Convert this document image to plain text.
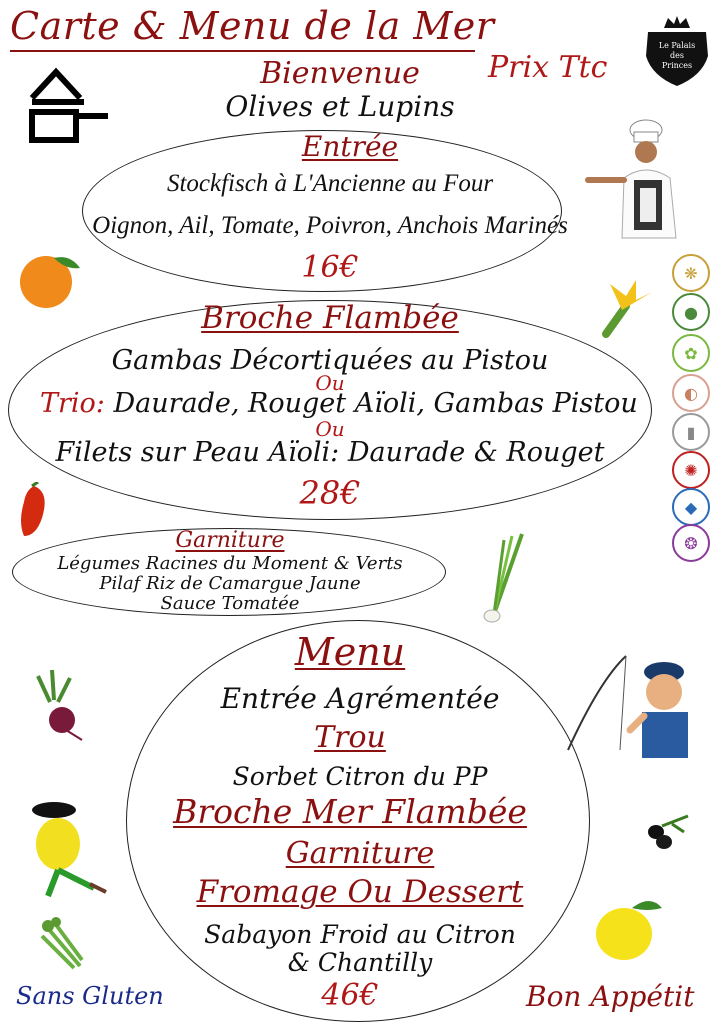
Carte & Menu de la Mer
Prix Ttc
Le Palais
des
Princes
Bienvenue
Olives et Lupins
Entrée
Stockfisch à L'Ancienne au Four
Oignon, Ail, Tomate, Poivron, Anchois Marinés
16€
Broche Flambée
Gambas Décortiquées au Pistou
Ou
Trio: Daurade, Rouget Aïoli, Gambas Pistou
Ou
Filets sur Peau Aïoli: Daurade & Rouget
28€
Garniture
Légumes Racines du Moment & Verts
Pilaf Riz de Camargue Jaune
Sauce Tomatée
Menu
Entrée Agrémentée
Trou
Sorbet Citron du PP
Broche Mer Flambée
Garniture
Fromage Ou Dessert
Sabayon Froid au Citron
& Chantilly
46€
Sans Gluten	Bon Appétit
❋
●
✿
◐
▮
✺
◆
❂
